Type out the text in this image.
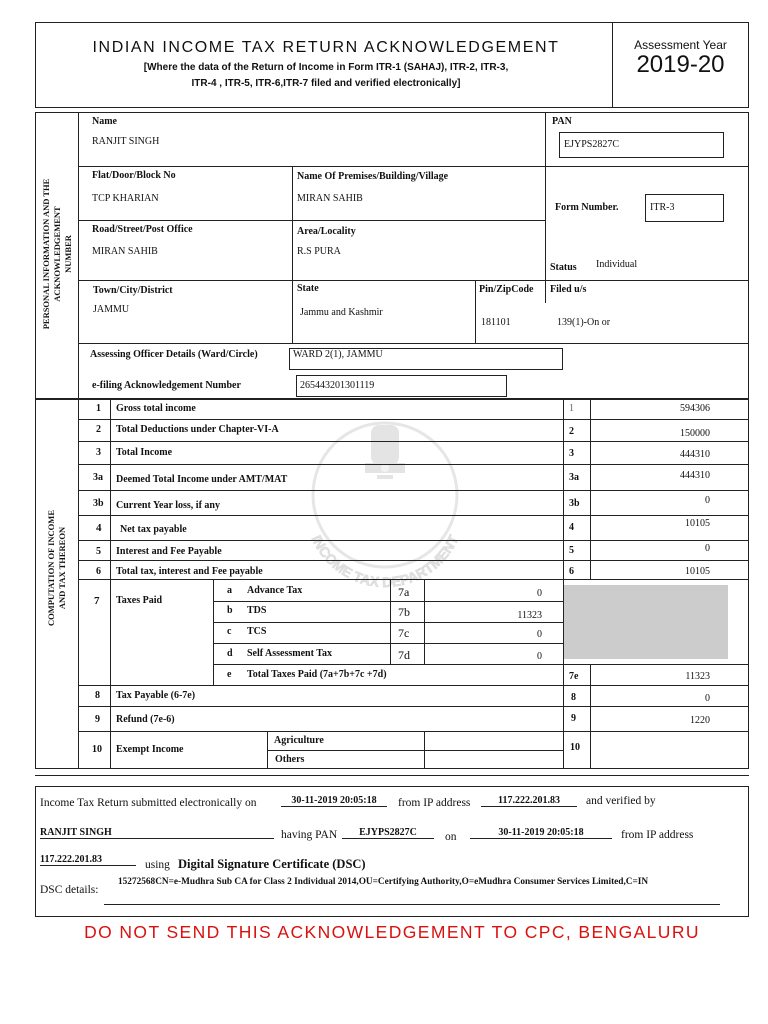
INDIAN INCOME TAX RETURN ACKNOWLEDGEMENT
[Where the data of the Return of Income in Form ITR-1 (SAHAJ), ITR-2, ITR-3,
ITR-4 , ITR-5, ITR-6,ITR-7 filed and verified electronically]
Assessment Year
2019-20
PERSONAL INFORMATION AND THE ACKNOWLEDGEMENT NUMBER
Name
RANJIT SINGH
PAN
EJYPS2827C
Flat/Door/Block No
TCP KHARIAN
Name Of Premises/Building/Village
MIRAN SAHIB
Form Number.	ITR-3
Road/Street/Post Office
MIRAN SAHIB
Area/Locality
R.S PURA
Status Individual
Town/City/District
JAMMU
State
Jammu and Kashmir
Pin/ZipCode
181101
Filed u/s
139(1)-On or
Assessing Officer Details (Ward/Circle)	WARD 2(1), JAMMU
e-filing Acknowledgement Number	265443201301119
COMPUTATION OF INCOME AND TAX THEREON	INCOME TAX DEPARTMENT
1 Gross total income	1	594306
2 Total Deductions under Chapter-VI-A	2	150000
3 Total Income	3	444310
3a Deemed Total Income under AMT/MAT	3a	444310
3b Current Year loss, if any	3b	0
4 Net tax payable	4	10105
5 Interest and Fee Payable	5	0
6 Total tax, interest and Fee payable	6	10105
7 Taxes Paid
a Advance Tax	7a	0
b TDS	7b	11323
c TCS	7c	0
d Self Assessment Tax	7d	0
e Total Taxes Paid (7a+7b+7c +7d)	7e	11323
8 Tax Payable (6-7e)	8	0
9 Refund (7e-6)	9	1220
10 Exempt Income
Agriculture
Others
10
Income Tax Return submitted electronically on	30-11-2019 20:05:18	from IP address	117.222.201.83	and verified by
RANJIT SINGH	having PAN	EJYPS2827C	on	30-11-2019 20:05:18	from IP address
117.222.201.83	using Digital Signature Certificate (DSC)
DSC details:
15272568CN=e-Mudhra Sub CA for Class 2 Individual 2014,OU=Certifying Authority,O=eMudhra Consumer Services Limited,C=IN
DO NOT SEND THIS ACKNOWLEDGEMENT TO CPC, BENGALURU
